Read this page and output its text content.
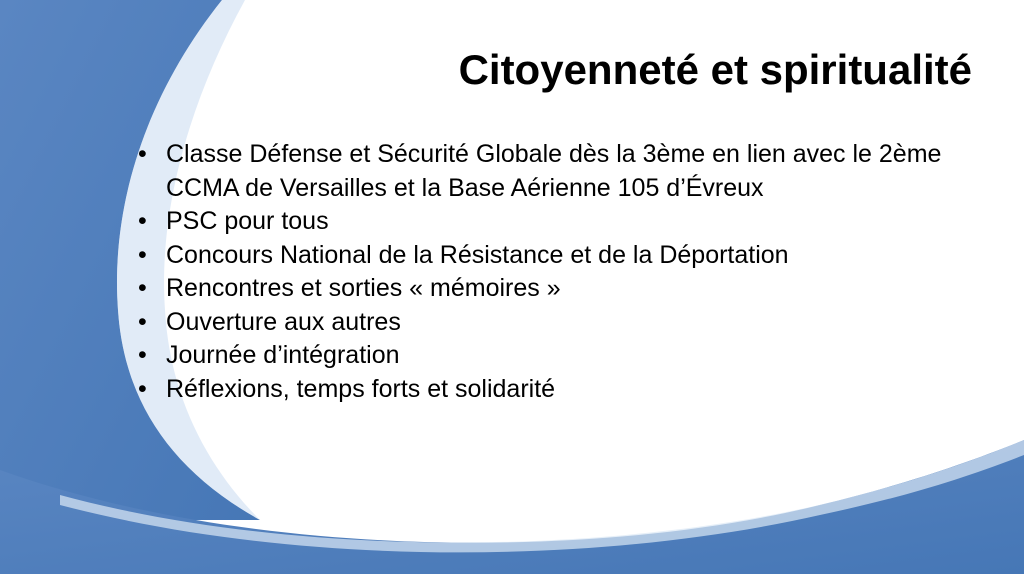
Citoyenneté et spiritualité
• Classe Défense et Sécurité Globale dès la 3ème en lien avec le 2ème CCMA de Versailles et la Base Aérienne 105 d’Évreux
• PSC pour tous
• Concours National de la Résistance et de la Déportation
• Rencontres et sorties « mémoires »
• Ouverture aux autres
• Journée d’intégration
• Réflexions, temps forts et solidarité
